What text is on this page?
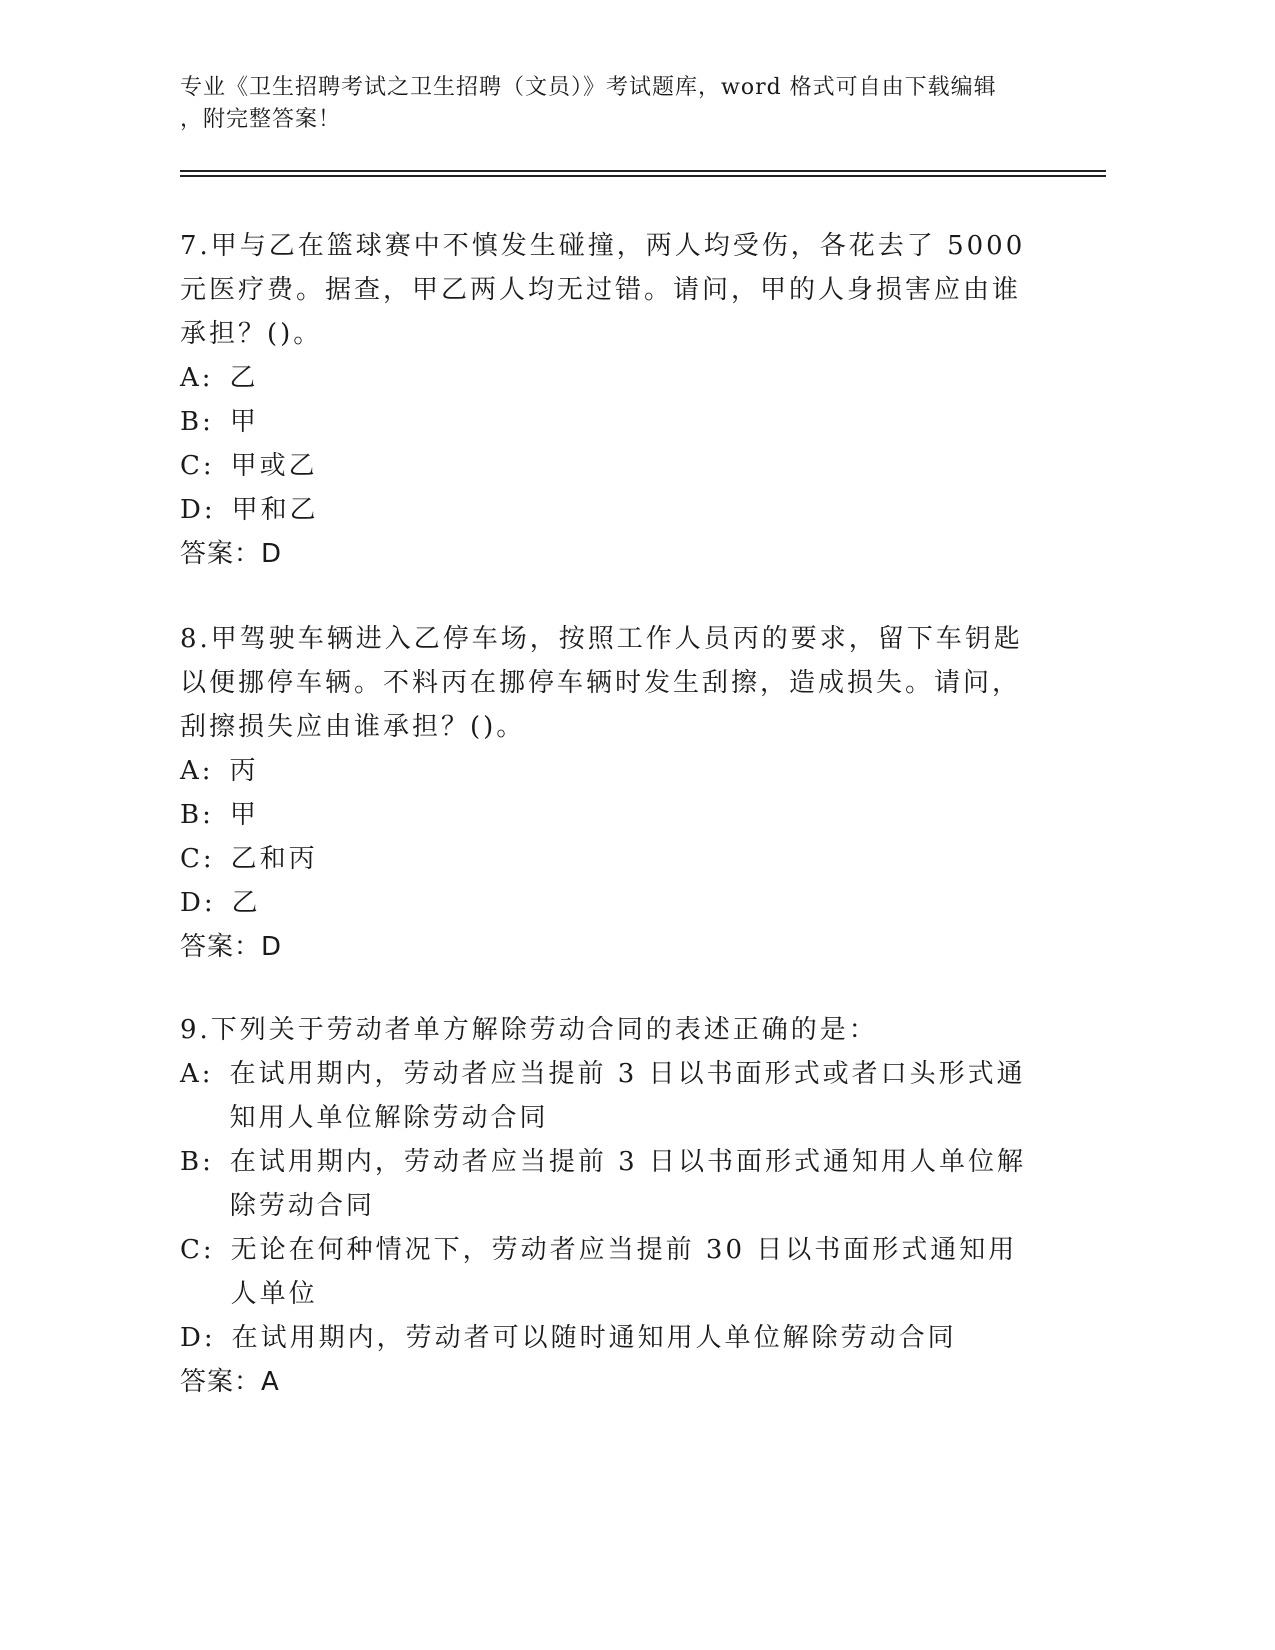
专业《卫生招聘考试之卫生招聘（文员）》考试题库，word 格式可自由下载编辑
，附完整答案！

7.甲与乙在篮球赛中不慎发生碰撞，两人均受伤，各花去了 5000 元医疗费。据查，甲乙两人均无过错。请问，甲的人身损害应由谁承担？()。

A: 乙
B: 甲
C: 甲或乙
D: 甲和乙

答案：D

8.甲驾驶车辆进入乙停车场，按照工作人员丙的要求，留下车钥匙以便挪停车辆。不料丙在挪停车辆时发生刮擦，造成损失。请问，刮擦损失应由谁承担？()。

A: 丙
B: 甲
C: 乙和丙
D: 乙

答案：D

9.下列关于劳动者单方解除劳动合同的表述正确的是：

A: 在试用期内，劳动者应当提前 3 日以书面形式或者口头形式通知用人单位解除劳动合同
B: 在试用期内，劳动者应当提前 3 日以书面形式通知用人单位解除劳动合同
C: 无论在何种情况下，劳动者应当提前 30 日以书面形式通知用人单位
D: 在试用期内，劳动者可以随时通知用人单位解除劳动合同

答案：A
